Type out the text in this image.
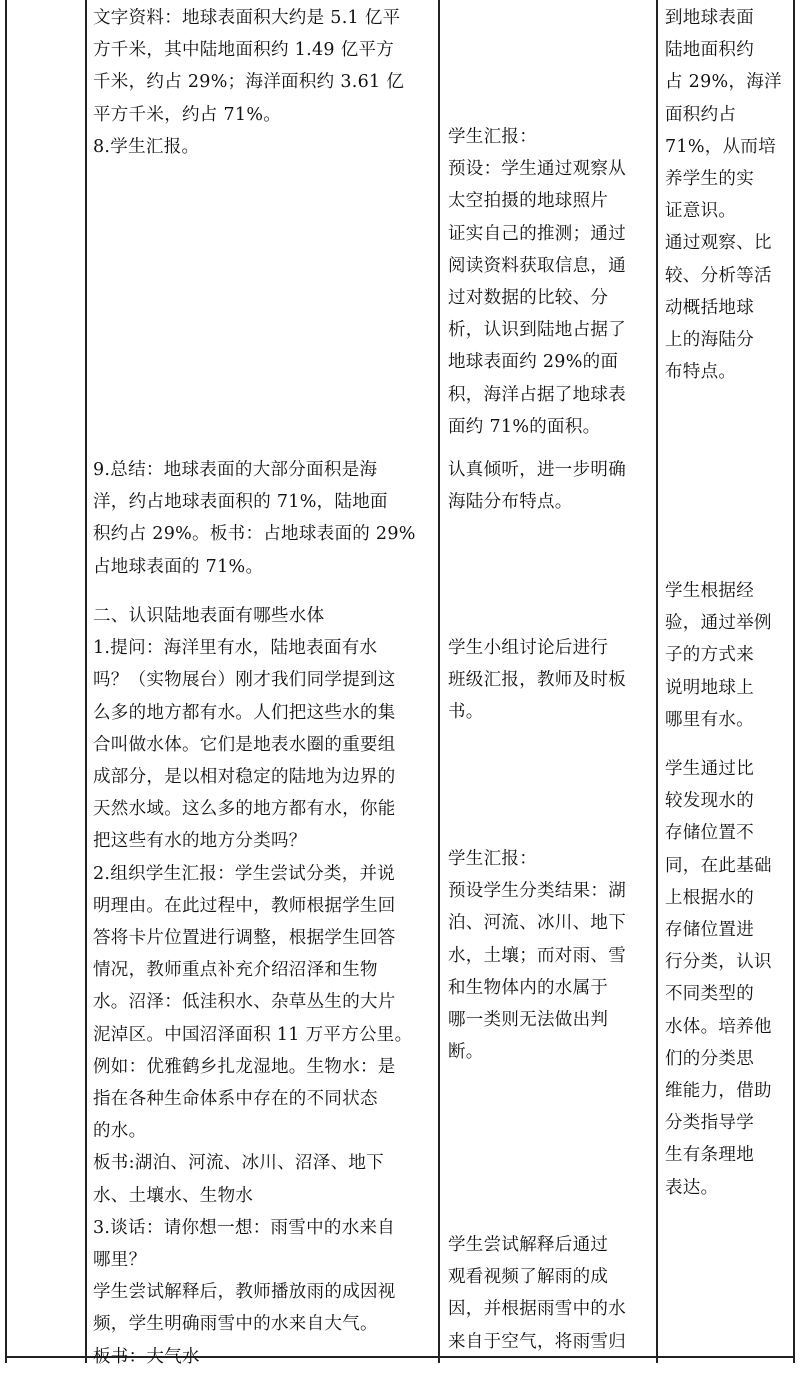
文字资料：地球表面积大约是 5.1 亿平
方千米，其中陆地面积约 1.49 亿平方
千米，约占 29%；海洋面积约 3.61 亿
平方千米，约占 71%。
8.学生汇报。
9.总结：地球表面的大部分面积是海
洋，约占地球表面积的 71%，陆地面
积约占 29%。板书：占地球表面的 29%
占地球表面的 71%。
二、认识陆地表面有哪些水体
1.提问：海洋里有水，陆地表面有水
吗？（实物展台）刚才我们同学提到这
么多的地方都有水。人们把这些水的集
合叫做水体。它们是地表水圈的重要组
成部分，是以相对稳定的陆地为边界的
天然水域。这么多的地方都有水，你能
把这些有水的地方分类吗？
2.组织学生汇报：学生尝试分类，并说
明理由。在此过程中，教师根据学生回
答将卡片位置进行调整，根据学生回答
情况，教师重点补充介绍沼泽和生物
水。沼泽：低洼积水、杂草丛生的大片
泥淖区。中国沼泽面积 11 万平方公里。
例如：优雅鹤乡扎龙湿地。生物水：是
指在各种生命体系中存在的不同状态
的水。
板书:湖泊、河流、冰川、沼泽、地下
水、土壤水、生物水
3.谈话：请你想一想：雨雪中的水来自
哪里？
学生尝试解释后，教师播放雨的成因视
频，学生明确雨雪中的水来自大气。
板书：大气水
学生汇报：
预设：学生通过观察从
太空拍摄的地球照片
证实自己的推测；通过
阅读资料获取信息，通
过对数据的比较、分
析，认识到陆地占据了
地球表面约 29%的面
积，海洋占据了地球表
面约 71%的面积。
认真倾听，进一步明确
海陆分布特点。
学生小组讨论后进行
班级汇报，教师及时板
书。
学生汇报：
预设学生分类结果：湖
泊、河流、冰川、地下
水，土壤；而对雨、雪
和生物体内的水属于
哪一类则无法做出判
断。
学生尝试解释后通过
观看视频了解雨的成
因，并根据雨雪中的水
来自于空气，将雨雪归
到地球表面
陆地面积约
占 29%，海洋
面积约占
71%，从而培
养学生的实
证意识。
通过观察、比
较、分析等活
动概括地球
上的海陆分
布特点。
学生根据经
验，通过举例
子的方式来
说明地球上
哪里有水。
学生通过比
较发现水的
存储位置不
同，在此基础
上根据水的
存储位置进
行分类，认识
不同类型的
水体。培养他
们的分类思
维能力，借助
分类指导学
生有条理地
表达。
